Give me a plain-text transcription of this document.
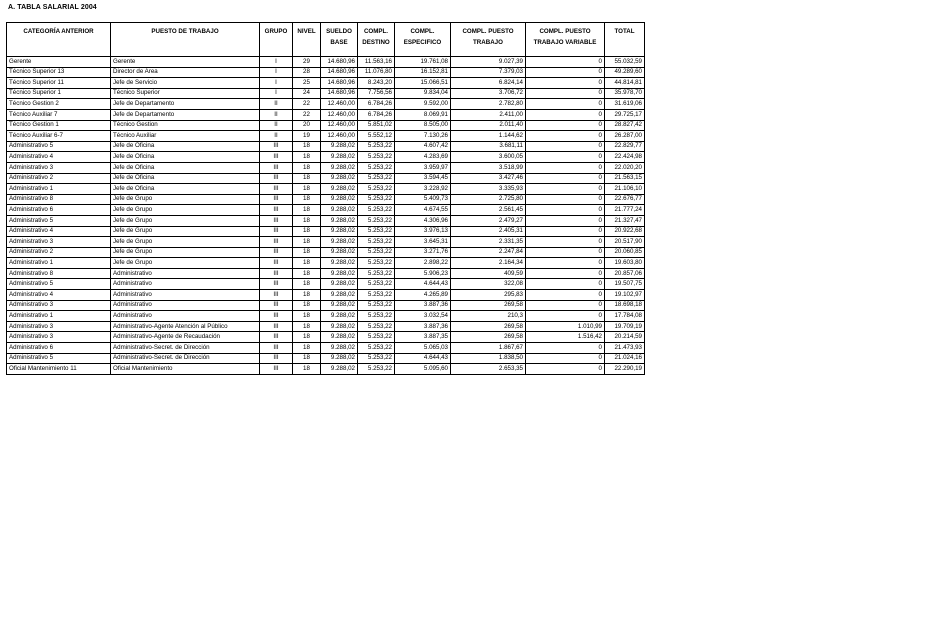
A. TABLA SALARIAL 2004
CATEGORÍA ANTERIOR	PUESTO DE TRABAJO	GRUPO	NIVEL	SUELDO BASE	COMPL. DESTINO	COMPL. ESPECIFICO	COMPL. PUESTO TRABAJO	COMPL. PUESTO TRABAJO VARIABLE	TOTAL
Gerente	Gerente	I	29	14.680,96	11.563,16	19.761,08	9.027,39	0	55.032,59
Técnico Superior 13	Director de Area	I	28	14.680,96	11.076,80	16.152,81	7.379,03	0	49.289,60
Técnico Superior 11	Jefe de Servicio	I	25	14.680,96	8.243,20	15.066,51	6.824,14	0	44.814,81
Técnico Superior 1	Técnico Superior	I	24	14.680,96	7.756,56	9.834,04	3.706,72	0	35.978,70
Técnico Gestion 2	Jefe de Departamento	II	22	12.460,00	6.784,26	9.592,00	2.782,80	0	31.619,06
Técnico Auxiliar 7	Jefe de Departamento	II	22	12.460,00	6.784,26	8.069,91	2.411,00	0	29.725,17
Técnico Gestion 1	Técnico Gestion	II	20	12.460,00	5.851,02	8.505,00	2.011,40	0	28.827,42
Técnico Auxiliar 6-7	Técnico Auxiliar	II	19	12.460,00	5.552,12	7.130,26	1.144,62	0	26.287,00
Administrativo 5	Jefe de Oficina	III	18	9.288,02	5.253,22	4.607,42	3.681,11	0	22.829,77
Administrativo 4	Jefe de Oficina	III	18	9.288,02	5.253,22	4.283,69	3.600,05	0	22.424,98
Administrativo 3	Jefe de Oficina	III	18	9.288,02	5.253,22	3.959,97	3.518,99	0	22.020,20
Administrativo 2	Jefe de Oficina	III	18	9.288,02	5.253,22	3.594,45	3.427,46	0	21.563,15
Administrativo 1	Jefe de Oficina	III	18	9.288,02	5.253,22	3.228,92	3.335,93	0	21.106,10
Administrativo 8	Jefe de Grupo	III	18	9.288,02	5.253,22	5.409,73	2.725,80	0	22.676,77
Administrativo 6	Jefe de Grupo	III	18	9.288,02	5.253,22	4.674,55	2.561,45	0	21.777,24
Administrativo 5	Jefe de Grupo	III	18	9.288,02	5.253,22	4.306,96	2.479,27	0	21.327,47
Administrativo 4	Jefe de Grupo	III	18	9.288,02	5.253,22	3.976,13	2.405,31	0	20.922,68
Administrativo 3	Jefe de Grupo	III	18	9.288,02	5.253,22	3.645,31	2.331,35	0	20.517,90
Administrativo 2	Jefe de Grupo	III	18	9.288,02	5.253,22	3.271,76	2.247,84	0	20.060,85
Administrativo 1	Jefe de Grupo	III	18	9.288,02	5.253,22	2.898,22	2.164,34	0	19.603,80
Administrativo 8	Administrativo	III	18	9.288,02	5.253,22	5.906,23	409,59	0	20.857,06
Administrativo 5	Administrativo	III	18	9.288,02	5.253,22	4.644,43	322,08	0	19.507,75
Administrativo 4	Administrativo	III	18	9.288,02	5.253,22	4.265,89	295,83	0	19.102,97
Administrativo 3	Administrativo	III	18	9.288,02	5.253,22	3.887,36	269,58	0	18.698,18
Administrativo 1	Administrativo	III	18	9.288,02	5.253,22	3.032,54	210,3	0	17.784,08
Administrativo 3	Administrativo-Agente Atención al Público	III	18	9.288,02	5.253,22	3.887,36	269,58	1.010,99	19.709,19
Administrativo 3	Administrativo-Agente de Recaudación	III	18	9.288,02	5.253,22	3.887,35	269,58	1.516,42	20.214,59
Administrativo 6	Administrativo-Secret. de Dirección	III	18	9.288,02	5.253,22	5.065,03	1.867,67	0	21.473,93
Administrativo 5	Administrativo-Secret. de Dirección	III	18	9.288,02	5.253,22	4.644,43	1.838,50	0	21.024,16
Oficial Mantenimiento 11	Oficial Mantenimiento	III	18	9.288,02	5.253,22	5.095,60	2.653,35	0	22.290,19
